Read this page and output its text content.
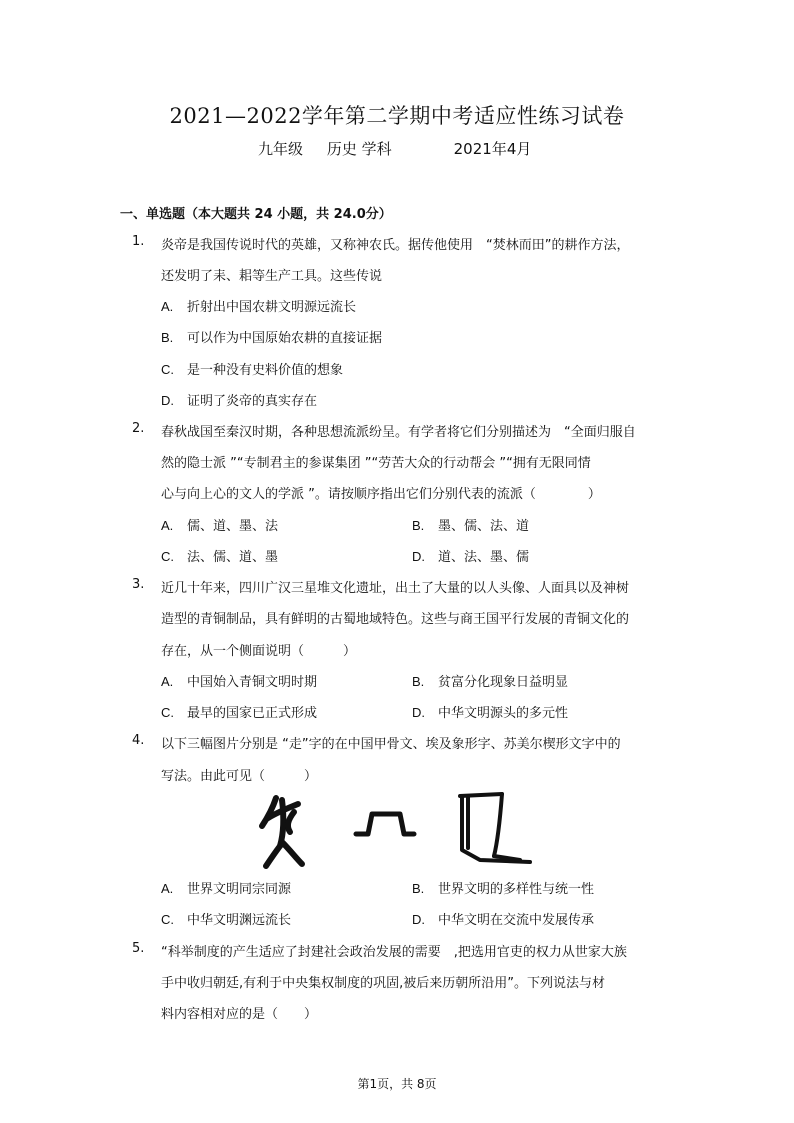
2021—2022学年第二学期中考适应性练习试卷
九年级 历史 学科	2021年4月
一、单选题（本大题共 24 小题，共 24.0分）
1. 炎帝是我国传说时代的英雄，又称神农氏。据传他使用　“焚林而田”的耕作方法，
还发明了耒、耜等生产工具。这些传说
A. 折射出中国农耕文明源远流长
B. 可以作为中国原始农耕的直接证据
C. 是一种没有史料价值的想象
D. 证明了炎帝的真实存在
2. 春秋战国至秦汉时期，各种思想流派纷呈。有学者将它们分别描述为　“全面归服自
然的隐士派 ”“专制君主的参谋集团 ”“劳苦大众的行动帮会 ”“拥有无限同情
心与向上心的文人的学派 ”。请按顺序指出它们分别代表的流派（　　　　）
A. 儒、道、墨、法	B. 墨、儒、法、道
C. 法、儒、道、墨	D. 道、法、墨、儒
3. 近几十年来，四川广汉三星堆文化遗址，出土了大量的以人头像、人面具以及神树
造型的青铜制品，具有鲜明的古蜀地域特色。这些与商王国平行发展的青铜文化的
存在，从一个侧面说明（　　　）
A. 中国始入青铜文明时期	B. 贫富分化现象日益明显
C. 最早的国家已正式形成	D. 中华文明源头的多元性
4. 以下三幅图片分别是 “走”字的在中国甲骨文、埃及象形字、苏美尔楔形文字中的
写法。由此可见（　　　）
A. 世界文明同宗同源	B. 世界文明的多样性与统一性
C. 中华文明渊远流长	D. 中华文明在交流中发展传承
5. “科举制度的产生适应了封建社会政治发展的需要　,把选用官吏的权力从世家大族
手中收归朝廷,有利于中央集权制度的巩固,被后来历朝所沿用”。下列说法与材
料内容相对应的是（　　）
第1页，共 8页
